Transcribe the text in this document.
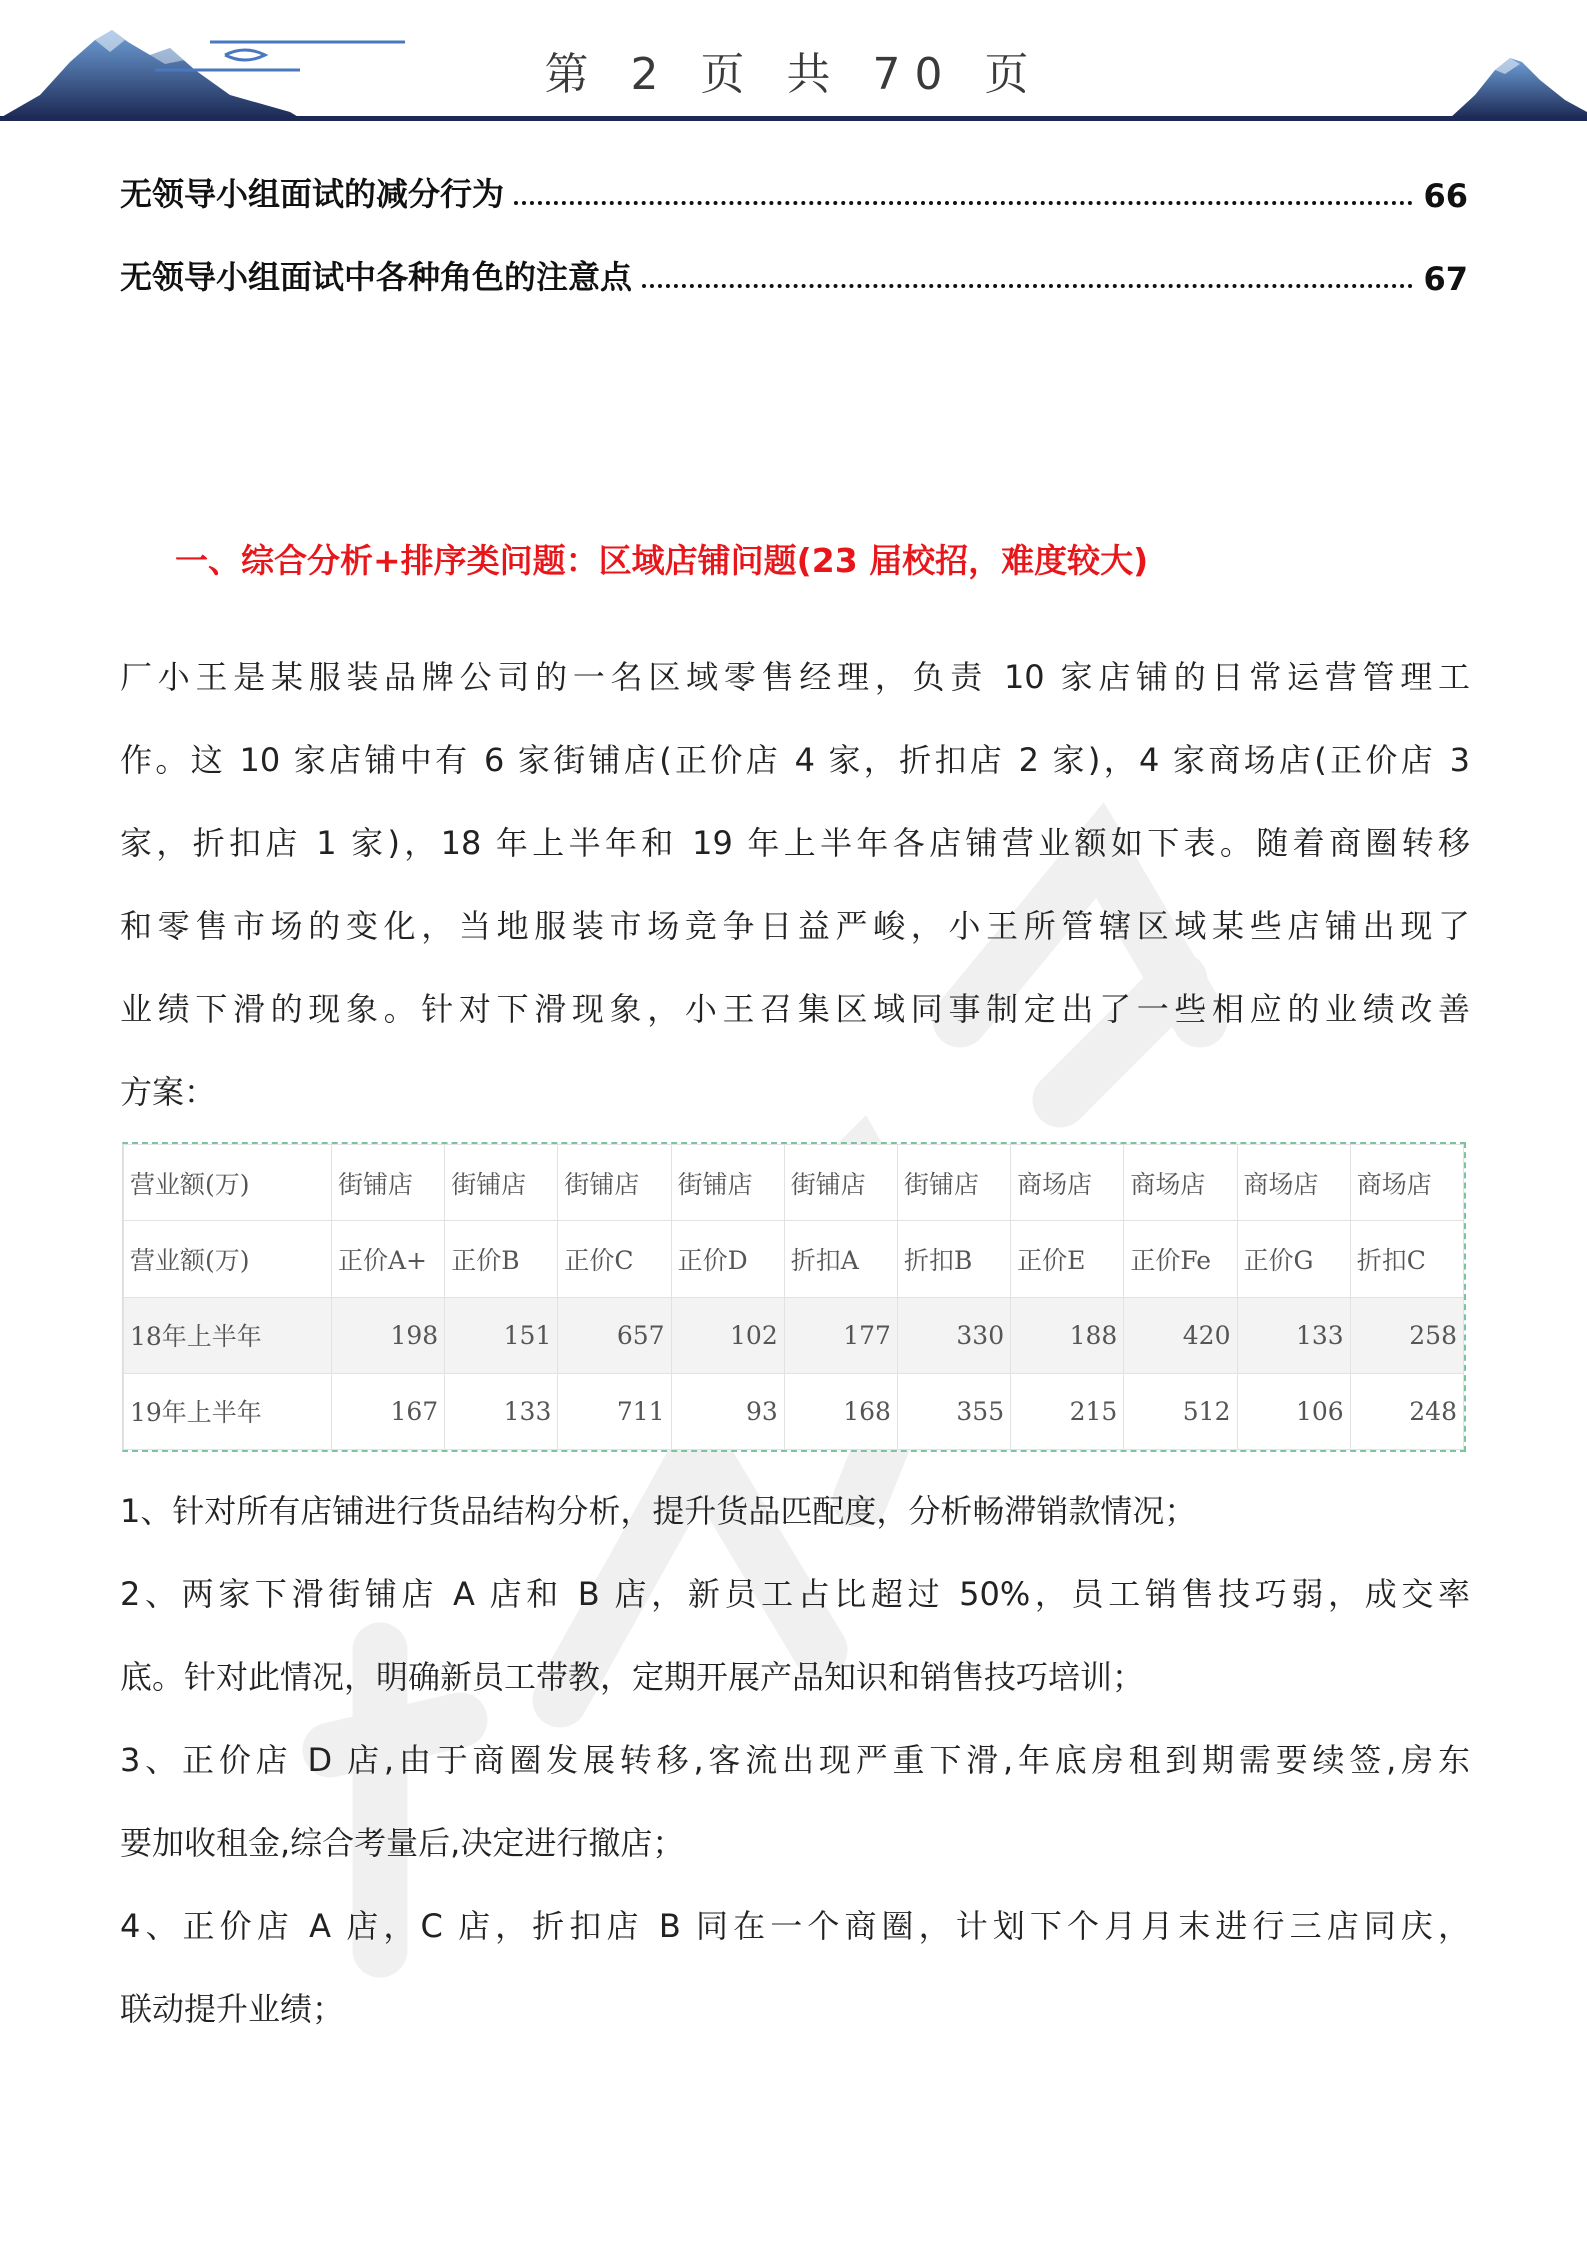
第 2 页 共 70 页
无领导小组面试的减分行为	66
无领导小组面试中各种角色的注意点	67
一、综合分析+排序类问题：区域店铺问题(23 届校招，难度较大)
厂小王是某服装品牌公司的一名区域零售经理，负责 10 家店铺的日常运营管理工
作。这 10 家店铺中有 6 家街铺店(正价店 4 家，折扣店 2 家)，4 家商场店(正价店 3
家，折扣店 1 家)，18 年上半年和 19 年上半年各店铺营业额如下表。随着商圈转移
和零售市场的变化，当地服装市场竞争日益严峻，小王所管辖区域某些店铺出现了
业绩下滑的现象。针对下滑现象，小王召集区域同事制定出了一些相应的业绩改善
方案：
营业额(万)	街铺店	街铺店	街铺店	街铺店	街铺店	街铺店	商场店	商场店	商场店	商场店
营业额(万)	正价A+	正价B	正价C	正价D	折扣A	折扣B	正价E	正价Fe	正价G	折扣C
18年上半年	198	151	657	102	177	330	188	420	133	258
19年上半年	167	133	711	93	168	355	215	512	106	248
1、针对所有店铺进行货品结构分析，提升货品匹配度，分析畅滞销款情况；
2、两家下滑街铺店 A 店和 B 店，新员工占比超过 50%，员工销售技巧弱，成交率
底。针对此情况，明确新员工带教，定期开展产品知识和销售技巧培训；
3、正价店 D 店,由于商圈发展转移,客流出现严重下滑,年底房租到期需要续签,房东
要加收租金,综合考量后,决定进行撤店；
4、正价店 A 店，C 店，折扣店 B 同在一个商圈，计划下个月月末进行三店同庆，
联动提升业绩；
